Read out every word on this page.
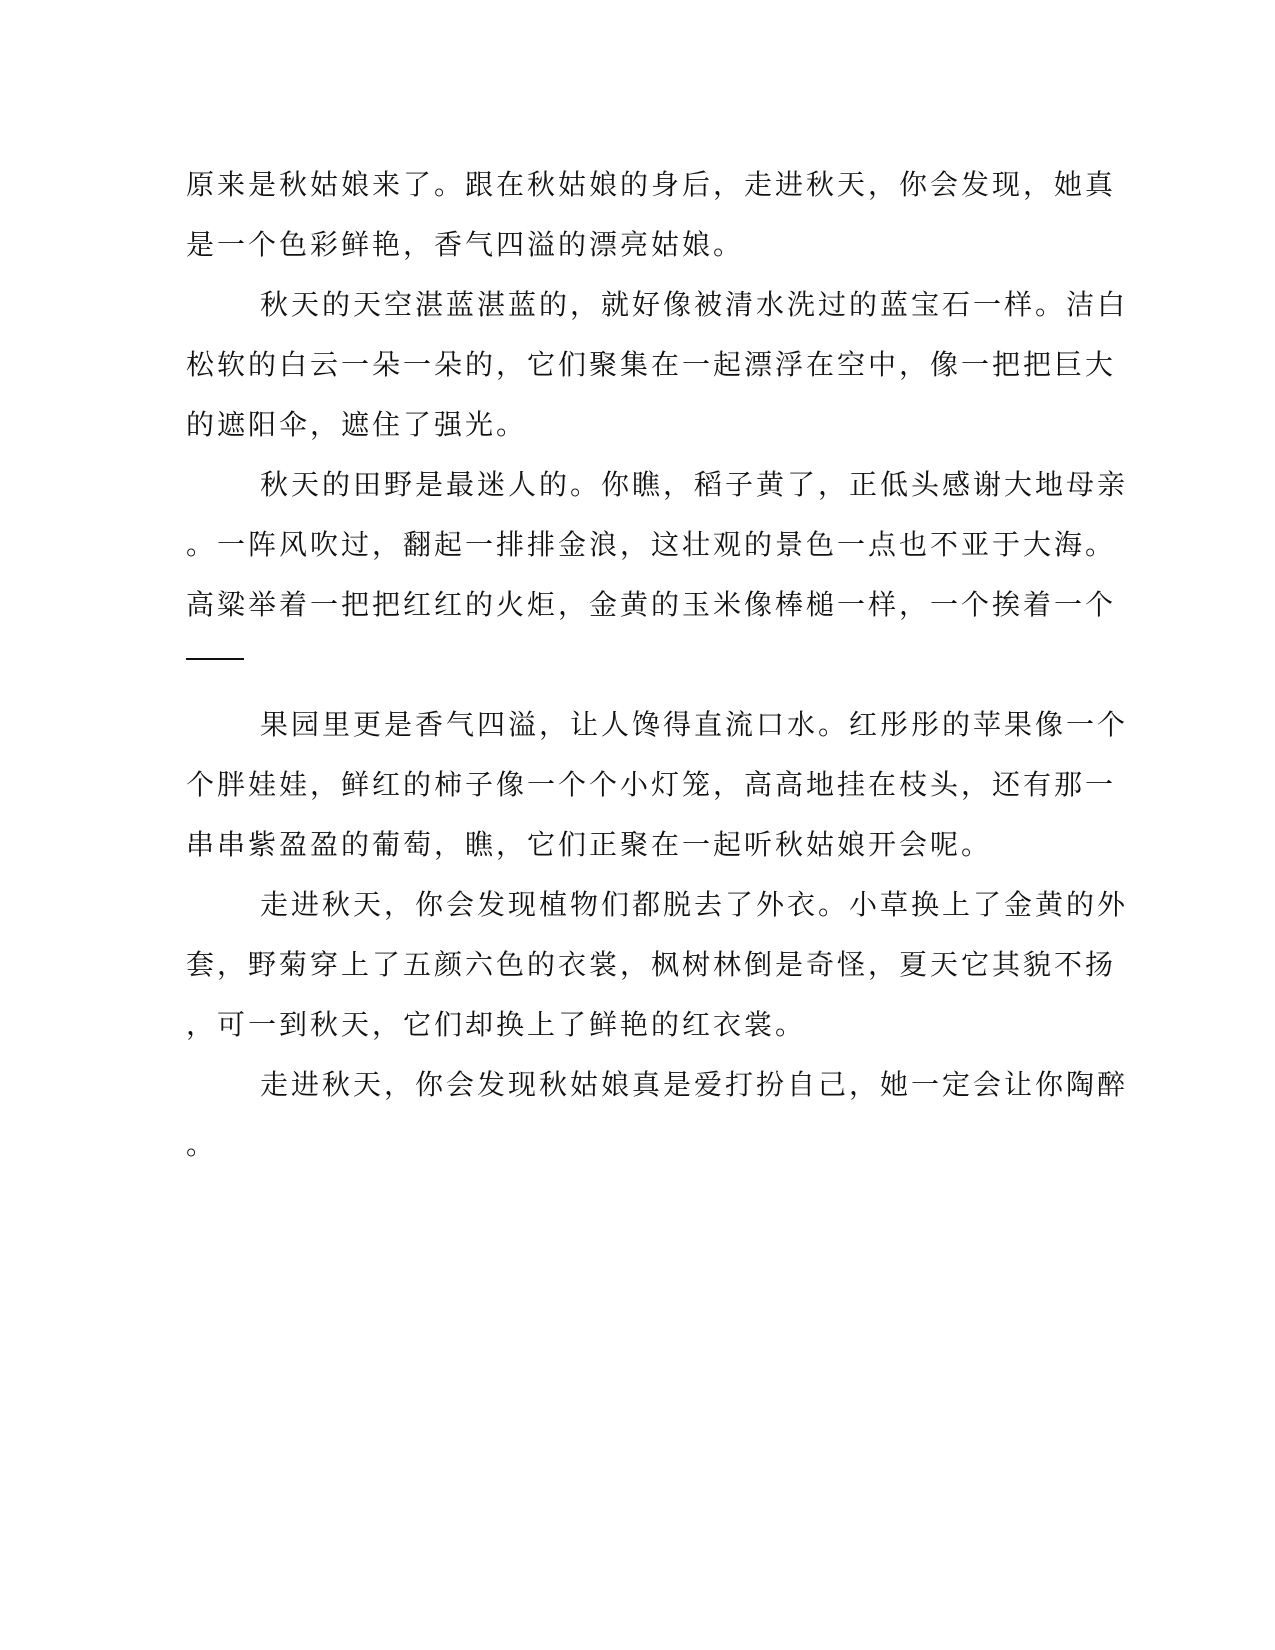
原来是秋姑娘来了。跟在秋姑娘的身后，走进秋天，你会发现，她真
是一个色彩鲜艳，香气四溢的漂亮姑娘。
秋天的天空湛蓝湛蓝的，就好像被清水洗过的蓝宝石一样。洁白
松软的白云一朵一朵的，它们聚集在一起漂浮在空中，像一把把巨大
的遮阳伞，遮住了强光。
秋天的田野是最迷人的。你瞧，稻子黄了，正低头感谢大地母亲
。一阵风吹过，翻起一排排金浪，这壮观的景色一点也不亚于大海。
高粱举着一把把红红的火炬，金黄的玉米像棒槌一样，一个挨着一个
果园里更是香气四溢，让人馋得直流口水。红彤彤的苹果像一个
个胖娃娃，鲜红的柿子像一个个小灯笼，高高地挂在枝头，还有那一
串串紫盈盈的葡萄，瞧，它们正聚在一起听秋姑娘开会呢。
走进秋天，你会发现植物们都脱去了外衣。小草换上了金黄的外
套，野菊穿上了五颜六色的衣裳，枫树林倒是奇怪，夏天它其貌不扬
，可一到秋天，它们却换上了鲜艳的红衣裳。
走进秋天，你会发现秋姑娘真是爱打扮自己，她一定会让你陶醉
。
